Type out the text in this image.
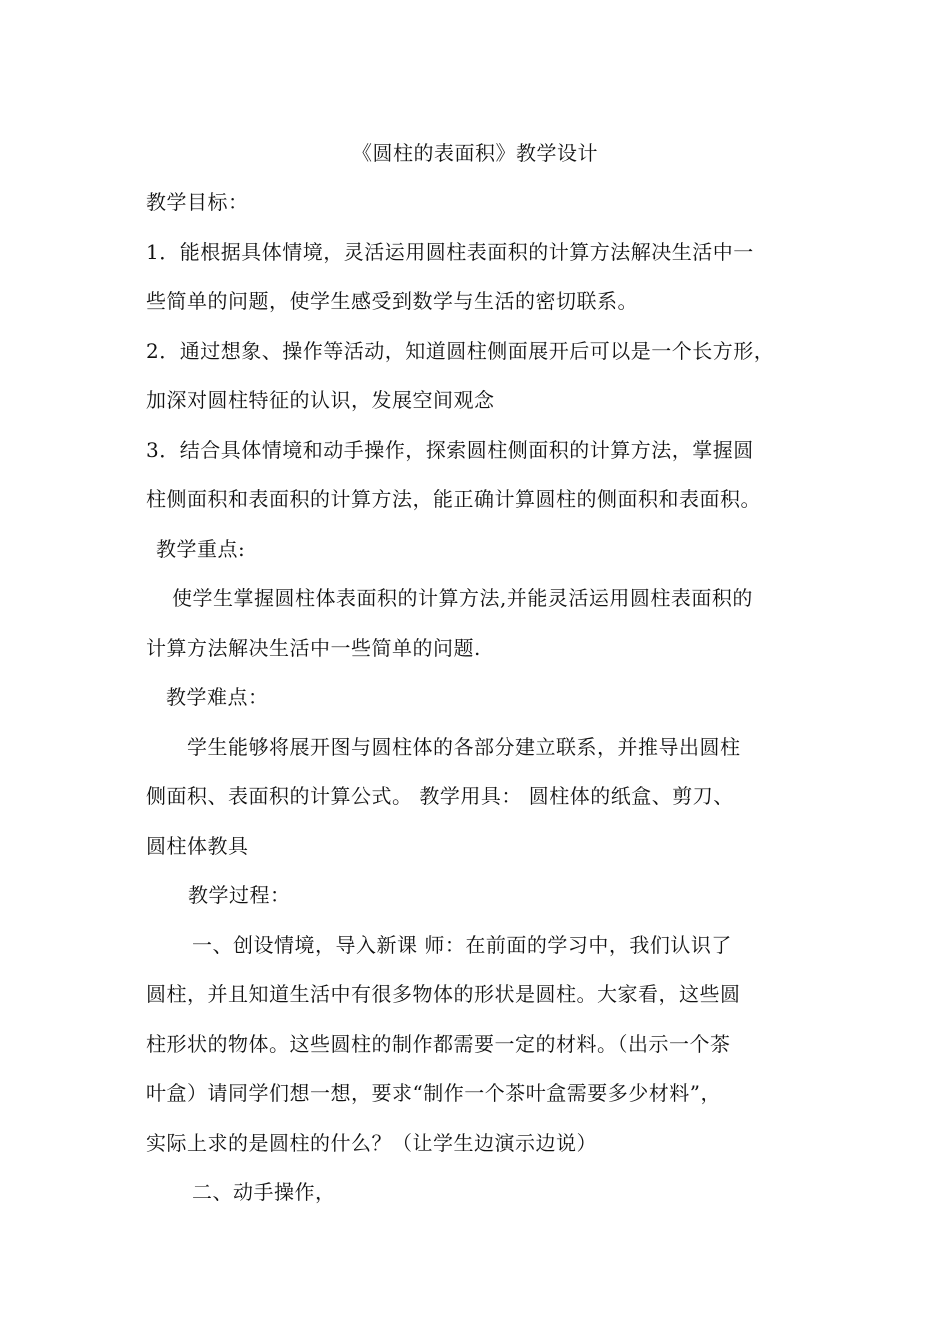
《圆柱的表面积》教学设计
教学目标：
1．能根据具体情境，灵活运用圆柱表面积的计算方法解决生活中一
些简单的问题，使学生感受到数学与生活的密切联系。
2．通过想象、操作等活动，知道圆柱侧面展开后可以是一个长方形，
加深对圆柱特征的认识，发展空间观念
3．结合具体情境和动手操作，探索圆柱侧面积的计算方法，掌握圆
柱侧面积和表面积的计算方法，能正确计算圆柱的侧面积和表面积。
教学重点:
使学生掌握圆柱体表面积的计算方法,并能灵活运用圆柱表面积的
计算方法解决生活中一些简单的问题.
教学难点：
学生能够将展开图与圆柱体的各部分建立联系，并推导出圆柱
侧面积、表面积的计算公式。 教学用具： 圆柱体的纸盒、剪刀、
圆柱体教具
教学过程：
一、创设情境，导入新课 师：在前面的学习中，我们认识了
圆柱，并且知道生活中有很多物体的形状是圆柱。大家看，这些圆
柱形状的物体。这些圆柱的制作都需要一定的材料。（出示一个茶
叶盒）请同学们想一想，要求“制作一个茶叶盒需要多少材料”，
实际上求的是圆柱的什么？（让学生边演示边说）
二、动手操作，
